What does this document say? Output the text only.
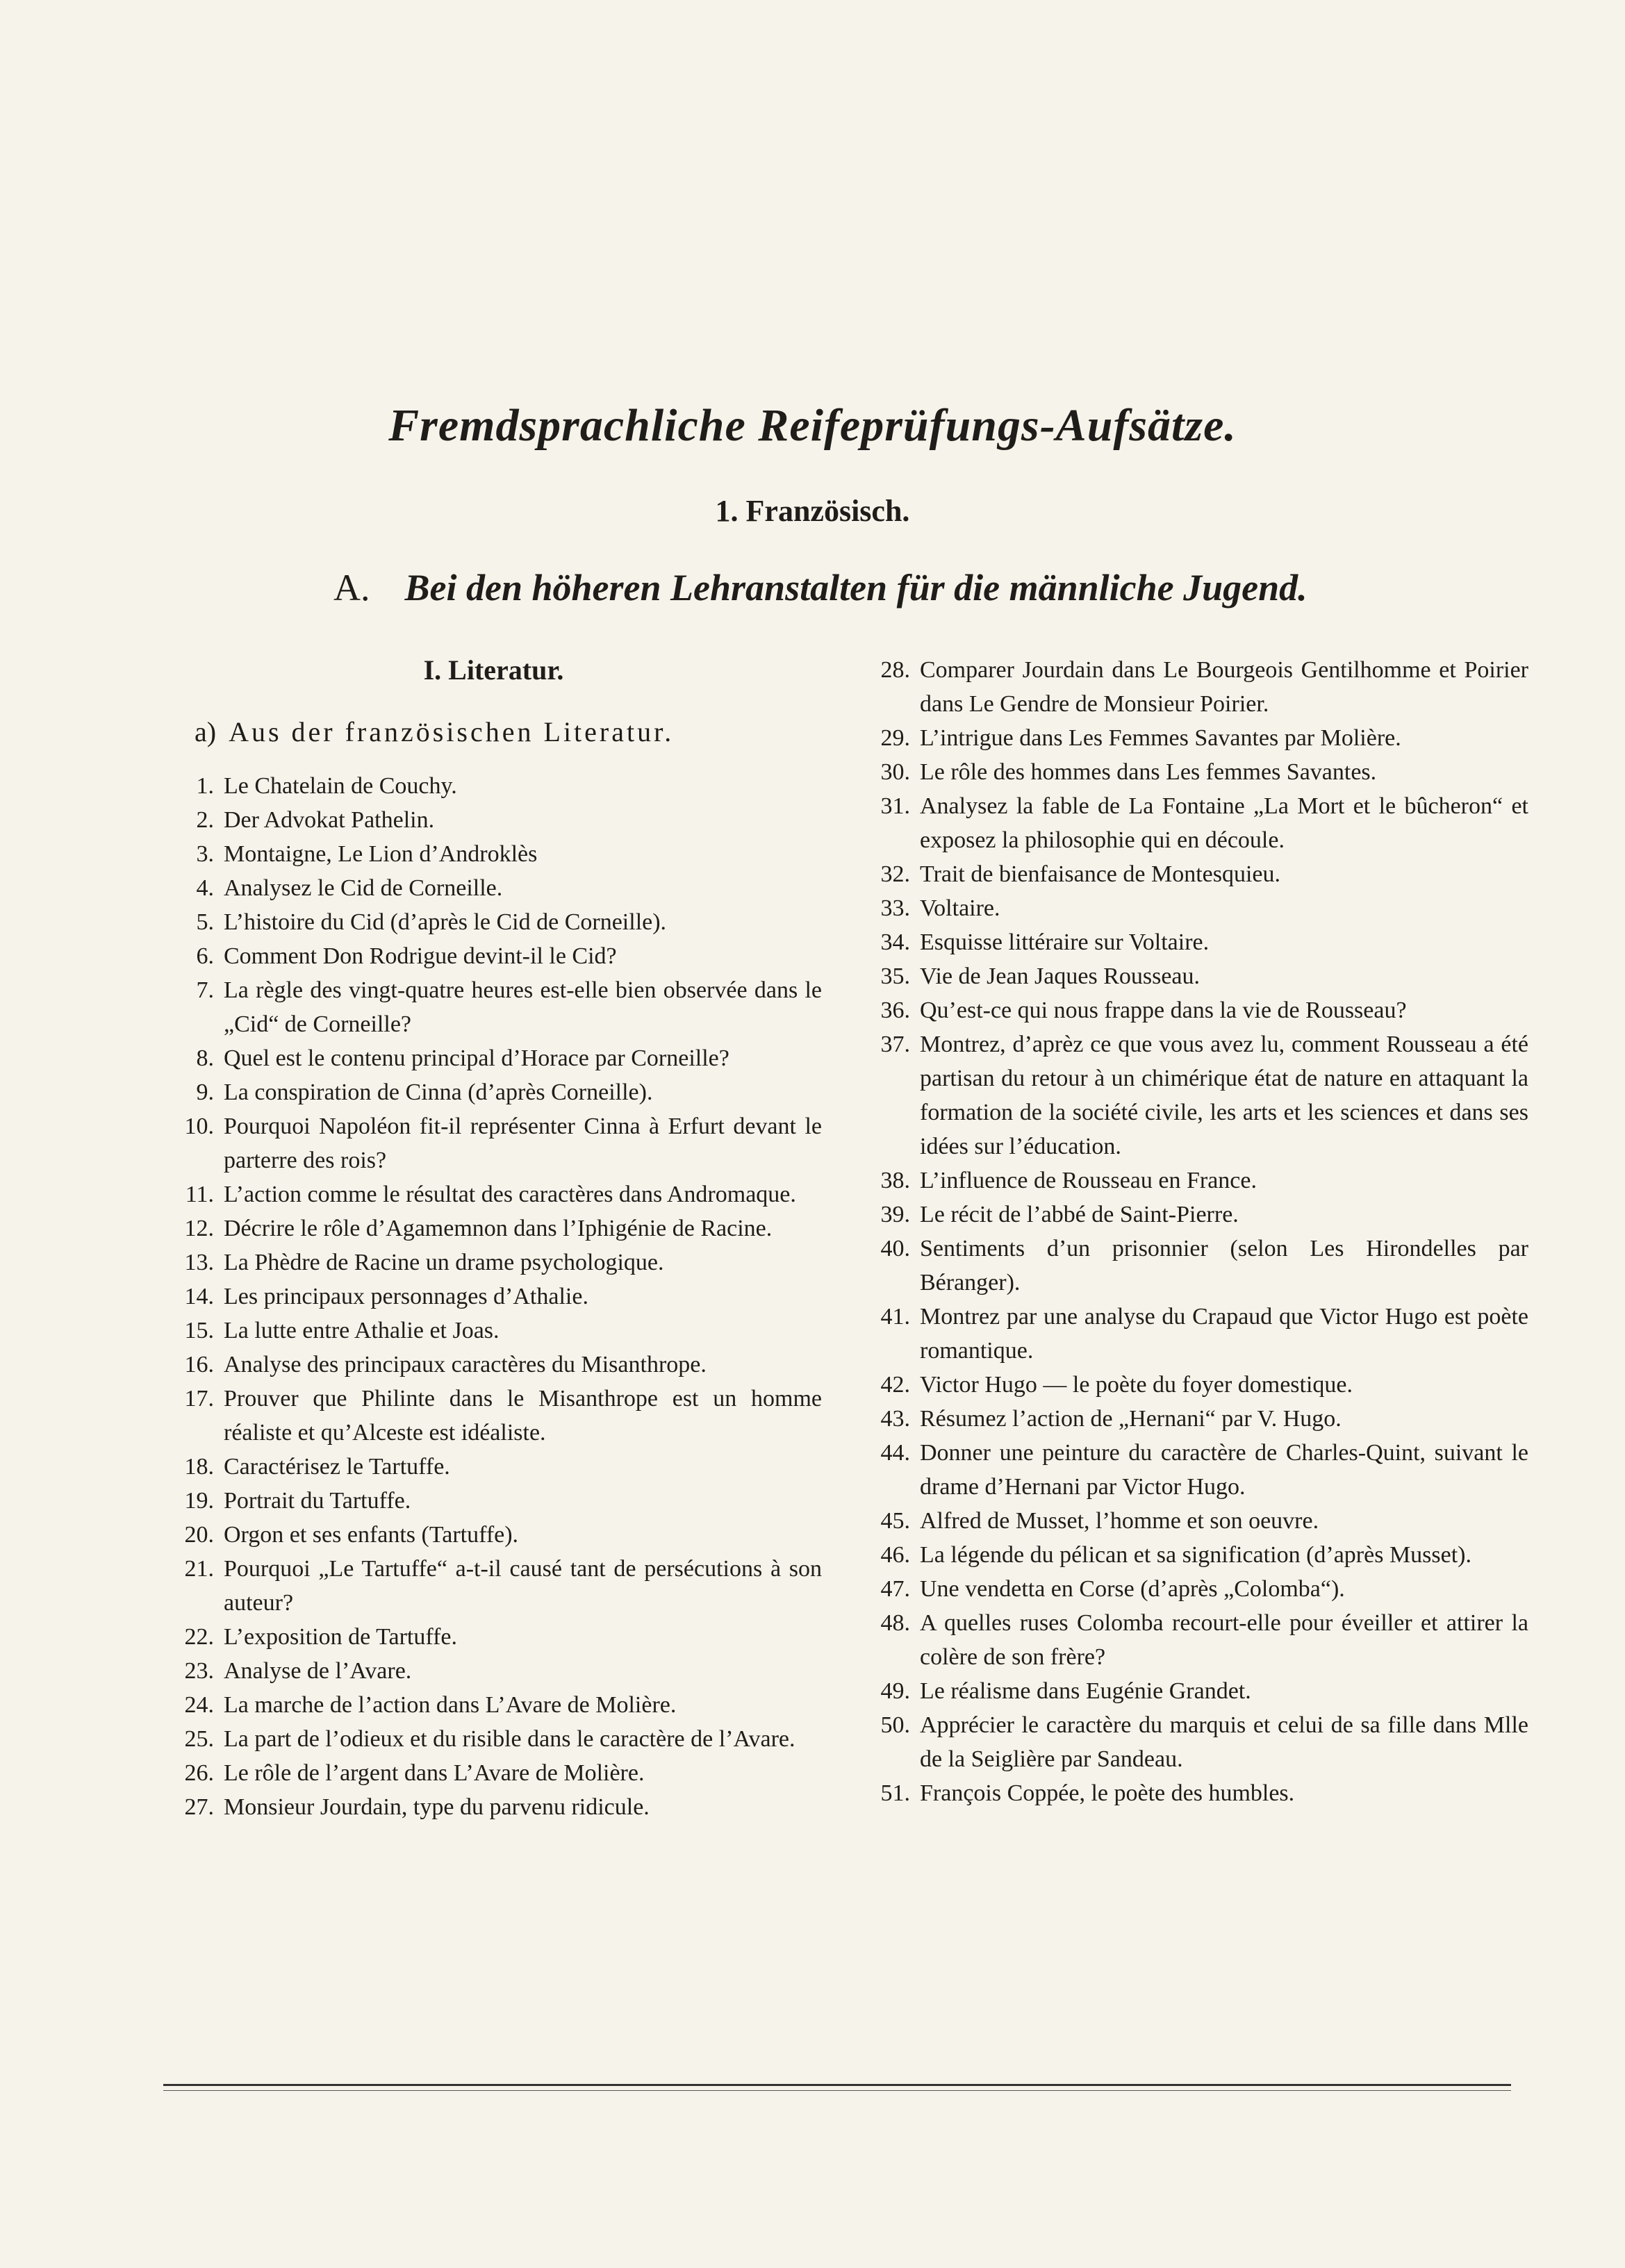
Fremdsprachliche Reifeprüfungs-Aufsätze.
1. Französisch.
A. Bei den höheren Lehranstalten für die männliche Jugend.
I. Literatur.
a) Aus der französischen Literatur.
1. Le Chatelain de Couchy.
2. Der Advokat Pathelin.
3. Montaigne, Le Lion d’Androklès
4. Analysez le Cid de Corneille.
5. L’histoire du Cid (d’après le Cid de Corneille).
6. Comment Don Rodrigue devint-il le Cid?
7. La règle des vingt-quatre heures est-elle bien observée dans le „Cid“ de Corneille?
8. Quel est le contenu principal d’Horace par Corneille?
9. La conspiration de Cinna (d’après Corneille).
10. Pourquoi Napoléon fit-il représenter Cinna à Erfurt devant le parterre des rois?
11. L’action comme le résultat des caractères dans Andromaque.
12. Décrire le rôle d’Agamemnon dans l’Iphigénie de Racine.
13. La Phèdre de Racine un drame psychologique.
14. Les principaux personnages d’Athalie.
15. La lutte entre Athalie et Joas.
16. Analyse des principaux caractères du Misanthrope.
17. Prouver que Philinte dans le Misanthrope est un homme réaliste et qu’Alceste est idéaliste.
18. Caractérisez le Tartuffe.
19. Portrait du Tartuffe.
20. Orgon et ses enfants (Tartuffe).
21. Pourquoi „Le Tartuffe“ a-t-il causé tant de persécutions à son auteur?
22. L’exposition de Tartuffe.
23. Analyse de l’Avare.
24. La marche de l’action dans L’Avare de Molière.
25. La part de l’odieux et du risible dans le caractère de l’Avare.
26. Le rôle de l’argent dans L’Avare de Molière.
27. Monsieur Jourdain, type du parvenu ridicule.
28. Comparer Jourdain dans Le Bourgeois Gentilhomme et Poirier dans Le Gendre de Monsieur Poirier.
29. L’intrigue dans Les Femmes Savantes par Molière.
30. Le rôle des hommes dans Les femmes Savantes.
31. Analysez la fable de La Fontaine „La Mort et le bûcheron“ et exposez la philosophie qui en découle.
32. Trait de bienfaisance de Montesquieu.
33. Voltaire.
34. Esquisse littéraire sur Voltaire.
35. Vie de Jean Jaques Rousseau.
36. Qu’est-ce qui nous frappe dans la vie de Rousseau?
37. Montrez, d’aprèz ce que vous avez lu, comment Rousseau a été partisan du retour à un chimérique état de nature en attaquant la formation de la société civile, les arts et les sciences et dans ses idées sur l’éducation.
38. L’influence de Rousseau en France.
39. Le récit de l’abbé de Saint-Pierre.
40. Sentiments d’un prisonnier (selon Les Hirondelles par Béranger).
41. Montrez par une analyse du Crapaud que Victor Hugo est poète romantique.
42. Victor Hugo — le poète du foyer domestique.
43. Résumez l’action de „Hernani“ par V. Hugo.
44. Donner une peinture du caractère de Charles-Quint, suivant le drame d’Hernani par Victor Hugo.
45. Alfred de Musset, l’homme et son oeuvre.
46. La légende du pélican et sa signification (d’après Musset).
47. Une vendetta en Corse (d’après „Colomba“).
48. A quelles ruses Colomba recourt-elle pour éveiller et attirer la colère de son frère?
49. Le réalisme dans Eugénie Grandet.
50. Apprécier le caractère du marquis et celui de sa fille dans Mlle de la Seiglière par Sandeau.
51. François Coppée, le poète des humbles.
